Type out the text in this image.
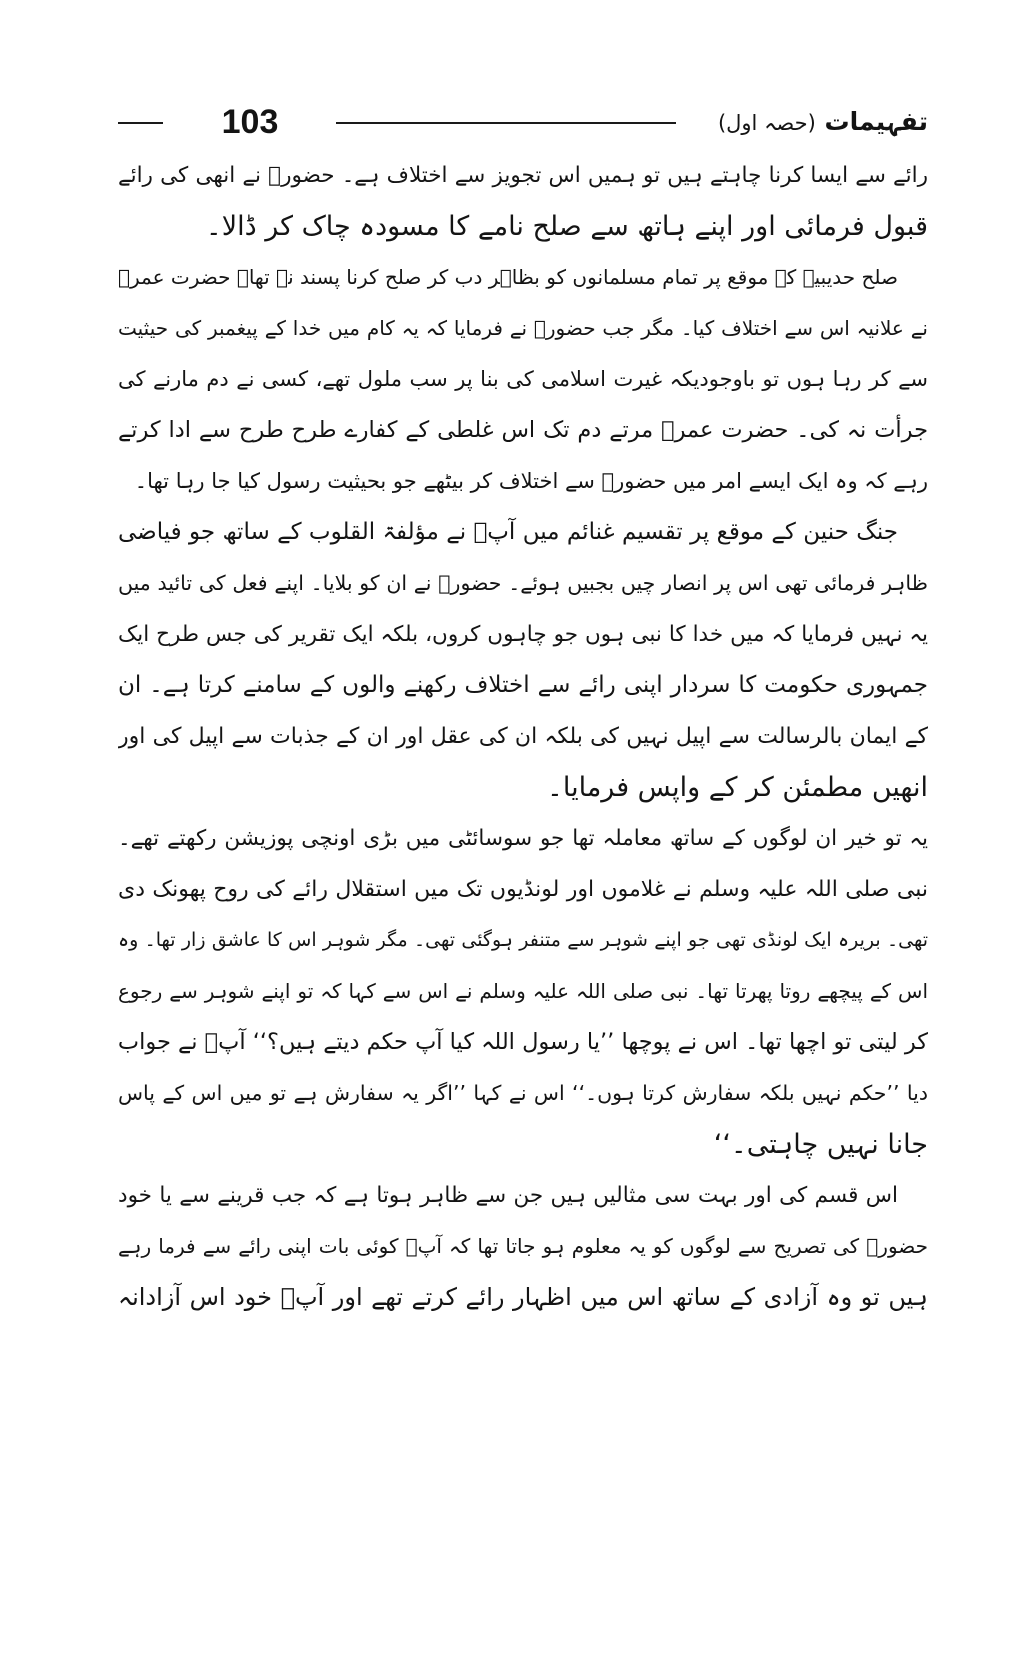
103	تفہیمات (حصہ اول)
رائے سے ایسا کرنا چاہتے ہیں تو ہمیں اس تجویز سے اختلاف ہے۔ حضورؐ نے انھی کی رائے
قبول فرمائی اور اپنے ہاتھ سے صلح نامے کا مسودہ چاک کر ڈالا۔
صلح حدیبیہ کے موقع پر تمام مسلمانوں کو بظاہر دب کر صلح کرنا پسند نہ تھا۔ حضرت عمرؓ
نے علانیہ اس سے اختلاف کیا۔ مگر جب حضورؐ نے فرمایا کہ یہ کام میں خدا کے پیغمبر کی حیثیت
سے کر رہا ہوں تو باوجودیکہ غیرت اسلامی کی بنا پر سب ملول تھے، کسی نے دم مارنے کی
جرأت نہ کی۔ حضرت عمرؓ مرتے دم تک اس غلطی کے کفارے طرح طرح سے ادا کرتے
رہے کہ وہ ایک ایسے امر میں حضورؐ سے اختلاف کر بیٹھے جو بحیثیت رسول کیا جا رہا تھا۔
جنگ حنین کے موقع پر تقسیم غنائم میں آپؐ نے مؤلفۃ القلوب کے ساتھ جو فیاضی
ظاہر فرمائی تھی اس پر انصار چیں بجبیں ہوئے۔ حضورؐ نے ان کو بلایا۔ اپنے فعل کی تائید میں
یہ نہیں فرمایا کہ میں خدا کا نبی ہوں جو چاہوں کروں، بلکہ ایک تقریر کی جس طرح ایک
جمہوری حکومت کا سردار اپنی رائے سے اختلاف رکھنے والوں کے سامنے کرتا ہے۔ ان
کے ایمان بالرسالت سے اپیل نہیں کی بلکہ ان کی عقل اور ان کے جذبات سے اپیل کی اور
انھیں مطمئن کر کے واپس فرمایا۔
یہ تو خیر ان لوگوں کے ساتھ معاملہ تھا جو سوسائٹی میں بڑی اونچی پوزیشن رکھتے تھے۔
نبی صلی اللہ علیہ وسلم نے غلاموں اور لونڈیوں تک میں استقلال رائے کی روح پھونک دی
تھی۔ بریرہ ایک لونڈی تھی جو اپنے شوہر سے متنفر ہوگئی تھی۔ مگر شوہر اس کا عاشق زار تھا۔ وہ
اس کے پیچھے روتا پھرتا تھا۔ نبی صلی اللہ علیہ وسلم نے اس سے کہا کہ تو اپنے شوہر سے رجوع
کر لیتی تو اچھا تھا۔ اس نے پوچھا ’’یا رسول اللہ کیا آپ حکم دیتے ہیں؟‘‘ آپؐ نے جواب
دیا ’’حکم نہیں بلکہ سفارش کرتا ہوں۔‘‘ اس نے کہا ’’اگر یہ سفارش ہے تو میں اس کے پاس
جانا نہیں چاہتی۔‘‘
اس قسم کی اور بہت سی مثالیں ہیں جن سے ظاہر ہوتا ہے کہ جب قرینے سے یا خود
حضورؐ کی تصریح سے لوگوں کو یہ معلوم ہو جاتا تھا کہ آپؐ کوئی بات اپنی رائے سے فرما رہے
ہیں تو وہ آزادی کے ساتھ اس میں اظہار رائے کرتے تھے اور آپؐ خود اس آزادانہ
